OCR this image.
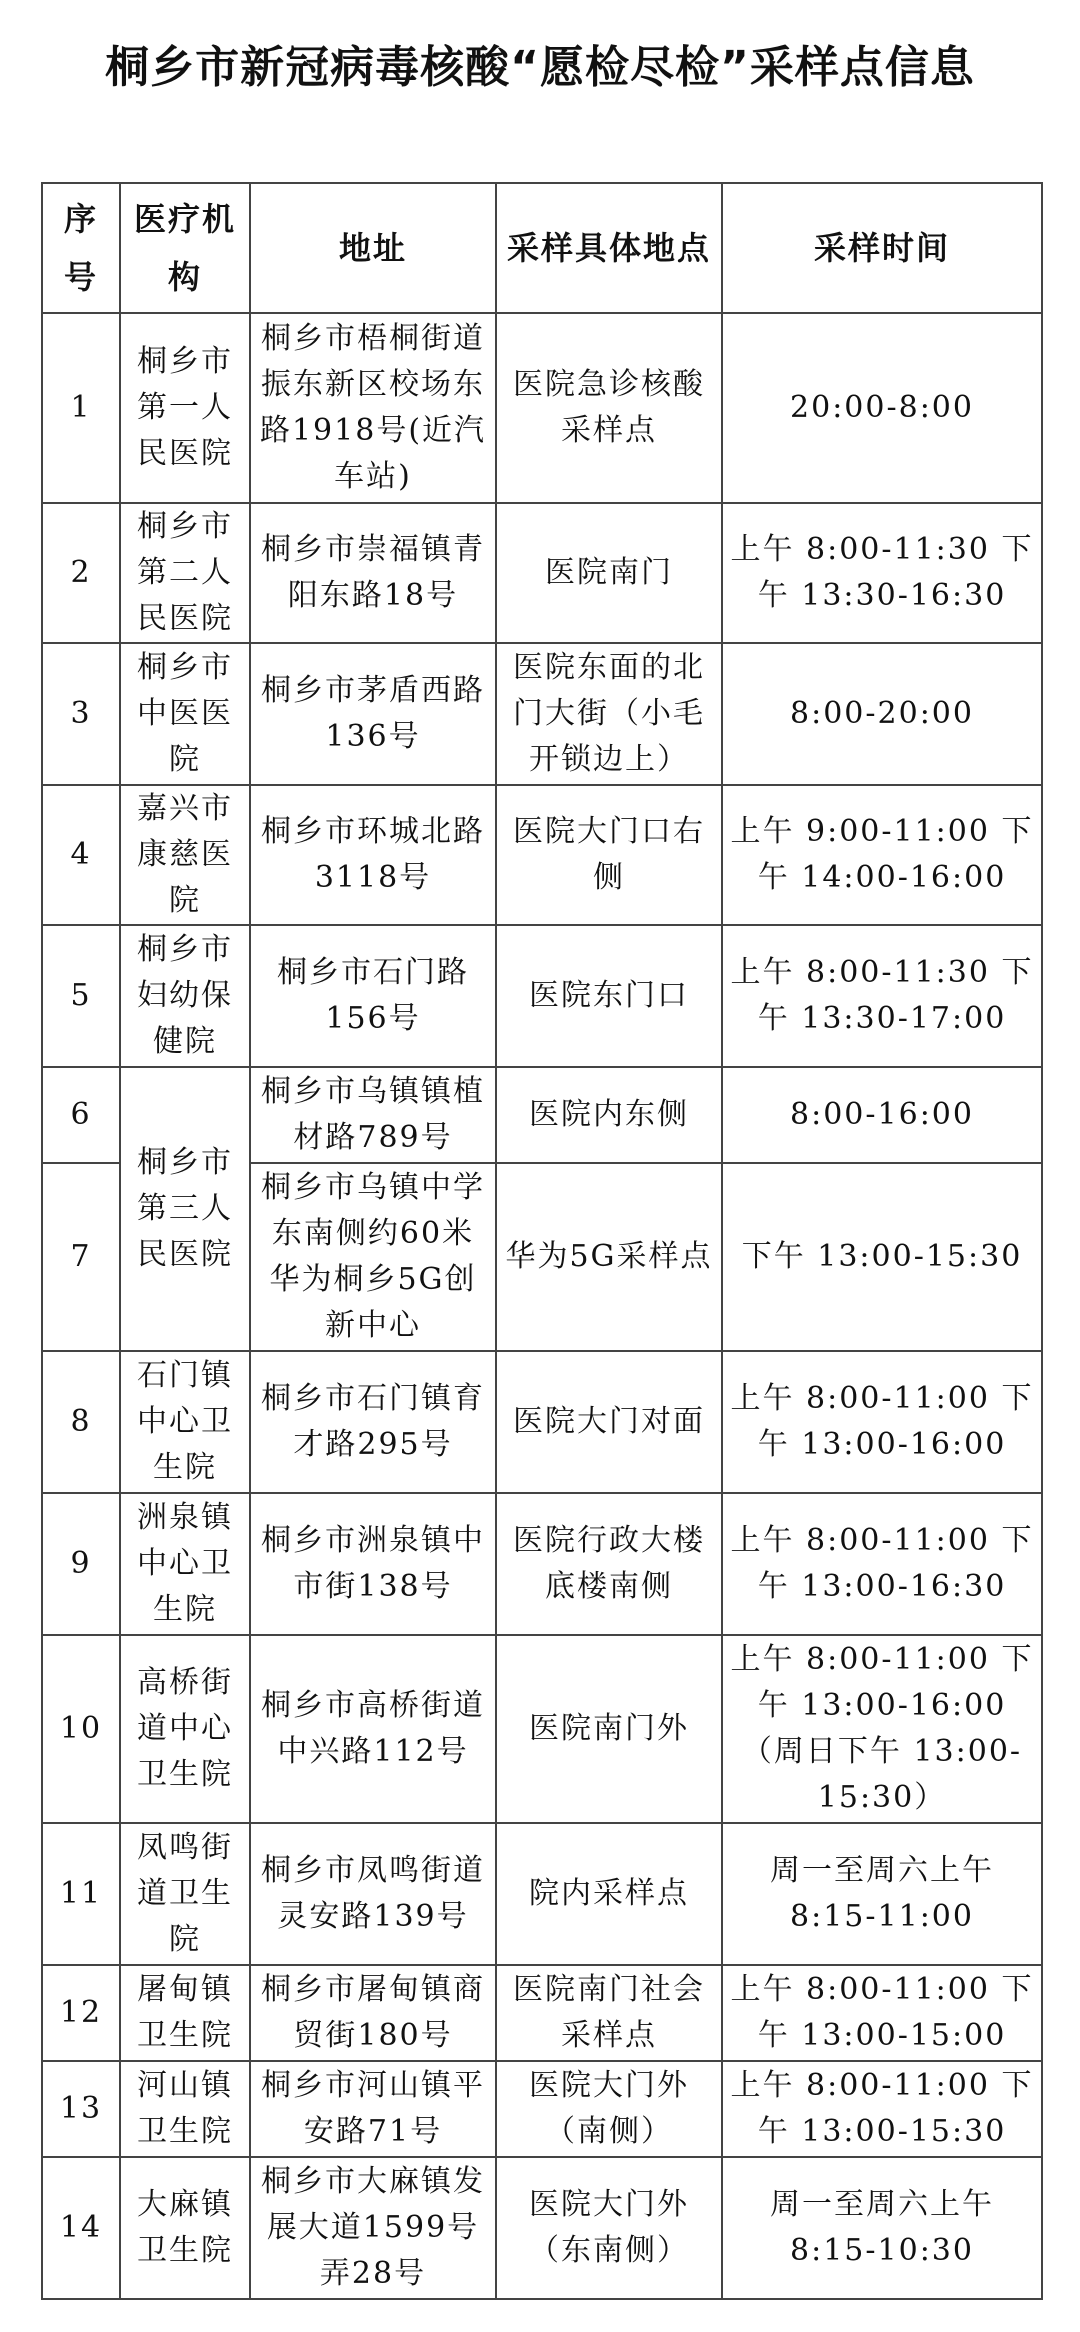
桐乡市新冠病毒核酸“愿检尽检”采样点信息
序号	医疗机构	地址	采样具体地点	采样时间
1	桐乡市第一人民医院	桐乡市梧桐街道振东新区校场东路1918号(近汽车站)	医院急诊核酸采样点	20:00-8:00
2	桐乡市第二人民医院	桐乡市崇福镇青阳东路18号	医院南门	上午 8:00-11:30 下午 13:30-16:30
3	桐乡市中医医院	桐乡市茅盾西路136号	医院东面的北门大街（小毛开锁边上）	8:00-20:00
4	嘉兴市康慈医院	桐乡市环城北路3118号	医院大门口右侧	上午 9:00-11:00 下午 14:00-16:00
5	桐乡市妇幼保健院	桐乡市石门路156号	医院东门口	上午 8:00-11:30 下午 13:30-17:00
6	桐乡市第三人民医院	桐乡市乌镇镇植材路789号	医院内东侧	8:00-16:00
7		桐乡市乌镇中学东南侧约60米华为桐乡5G创新中心	华为5G采样点	下午 13:00-15:30
8	石门镇中心卫生院	桐乡市石门镇育才路295号	医院大门对面	上午 8:00-11:00 下午 13:00-16:00
9	洲泉镇中心卫生院	桐乡市洲泉镇中市街138号	医院行政大楼底楼南侧	上午 8:00-11:00 下午 13:00-16:30
10	高桥街道中心卫生院	桐乡市高桥街道中兴路112号	医院南门外	上午 8:00-11:00 下午 13:00-16:00 （周日下午 13:00-15:30）
11	凤鸣街道卫生院	桐乡市凤鸣街道灵安路139号	院内采样点	周一至周六上午 8:15-11:00
12	屠甸镇卫生院	桐乡市屠甸镇商贸街180号	医院南门社会采样点	上午 8:00-11:00 下午 13:00-15:00
13	河山镇卫生院	桐乡市河山镇平安路71号	医院大门外（南侧）	上午 8:00-11:00 下午 13:00-15:30
14	大麻镇卫生院	桐乡市大麻镇发展大道1599号弄28号	医院大门外（东南侧）	周一至周六上午 8:15-10:30
